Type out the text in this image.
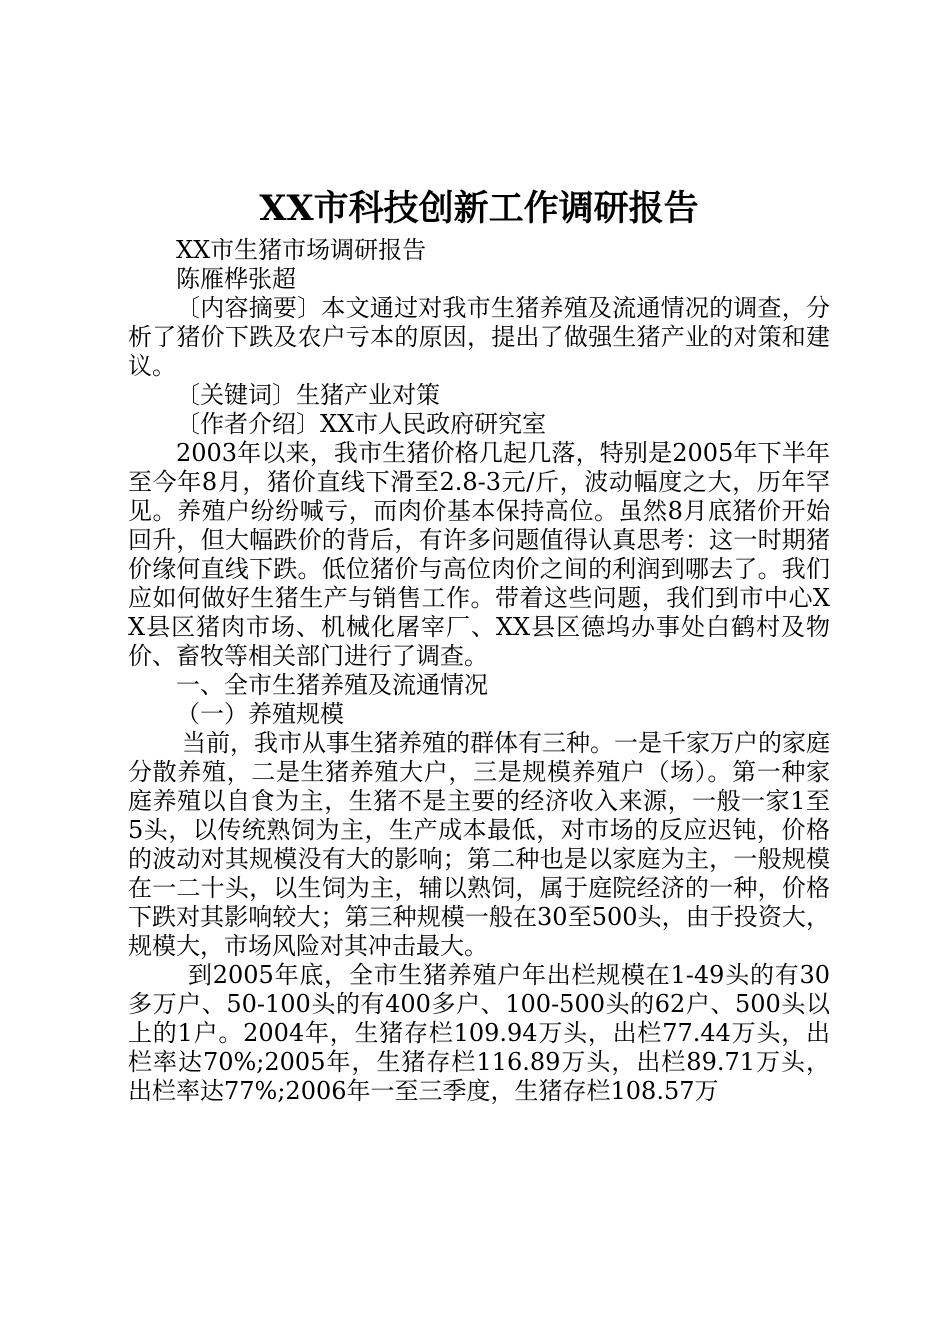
XX市科技创新工作调研报告

XX市生猪市场调研报告

陈雁桦张超

〔内容摘要〕本文通过对我市生猪养殖及流通情况的调查，分析了猪价下跌及农户亏本的原因，提出了做强生猪产业的对策和建议。

〔关键词〕生猪产业对策

〔作者介绍〕XX市人民政府研究室

2003年以来，我市生猪价格几起几落，特别是2005年下半年至今年8月，猪价直线下滑至2.8-3元/斤，波动幅度之大，历年罕见。养殖户纷纷喊亏，而肉价基本保持高位。虽然8月底猪价开始回升，但大幅跌价的背后，有许多问题值得认真思考：这一时期猪价缘何直线下跌。低位猪价与高位肉价之间的利润到哪去了。我们应如何做好生猪生产与销售工作。带着这些问题，我们到市中心XX县区猪肉市场、机械化屠宰厂、XX县区德坞办事处白鹤村及物价、畜牧等相关部门进行了调查。

一、全市生猪养殖及流通情况

（一）养殖规模

当前，我市从事生猪养殖的群体有三种。一是千家万户的家庭分散养殖，二是生猪养殖大户，三是规模养殖户（场）。第一种家庭养殖以自食为主，生猪不是主要的经济收入来源，一般一家1至5头，以传统熟饲为主，生产成本最低，对市场的反应迟钝，价格的波动对其规模没有大的影响；第二种也是以家庭为主，一般规模在一二十头，以生饲为主，辅以熟饲，属于庭院经济的一种，价格下跌对其影响较大；第三种规模一般在30至500头，由于投资大，规模大，市场风险对其冲击最大。

到2005年底，全市生猪养殖户年出栏规模在1-49头的有30多万户、50-100头的有400多户、100-500头的62户、500头以上的1户。2004年，生猪存栏109.94万头，出栏77.44万头，出栏率达70%;2005年，生猪存栏116.89万头，出栏89.71万头，出栏率达77%;2006年一至三季度，生猪存栏108.57万
